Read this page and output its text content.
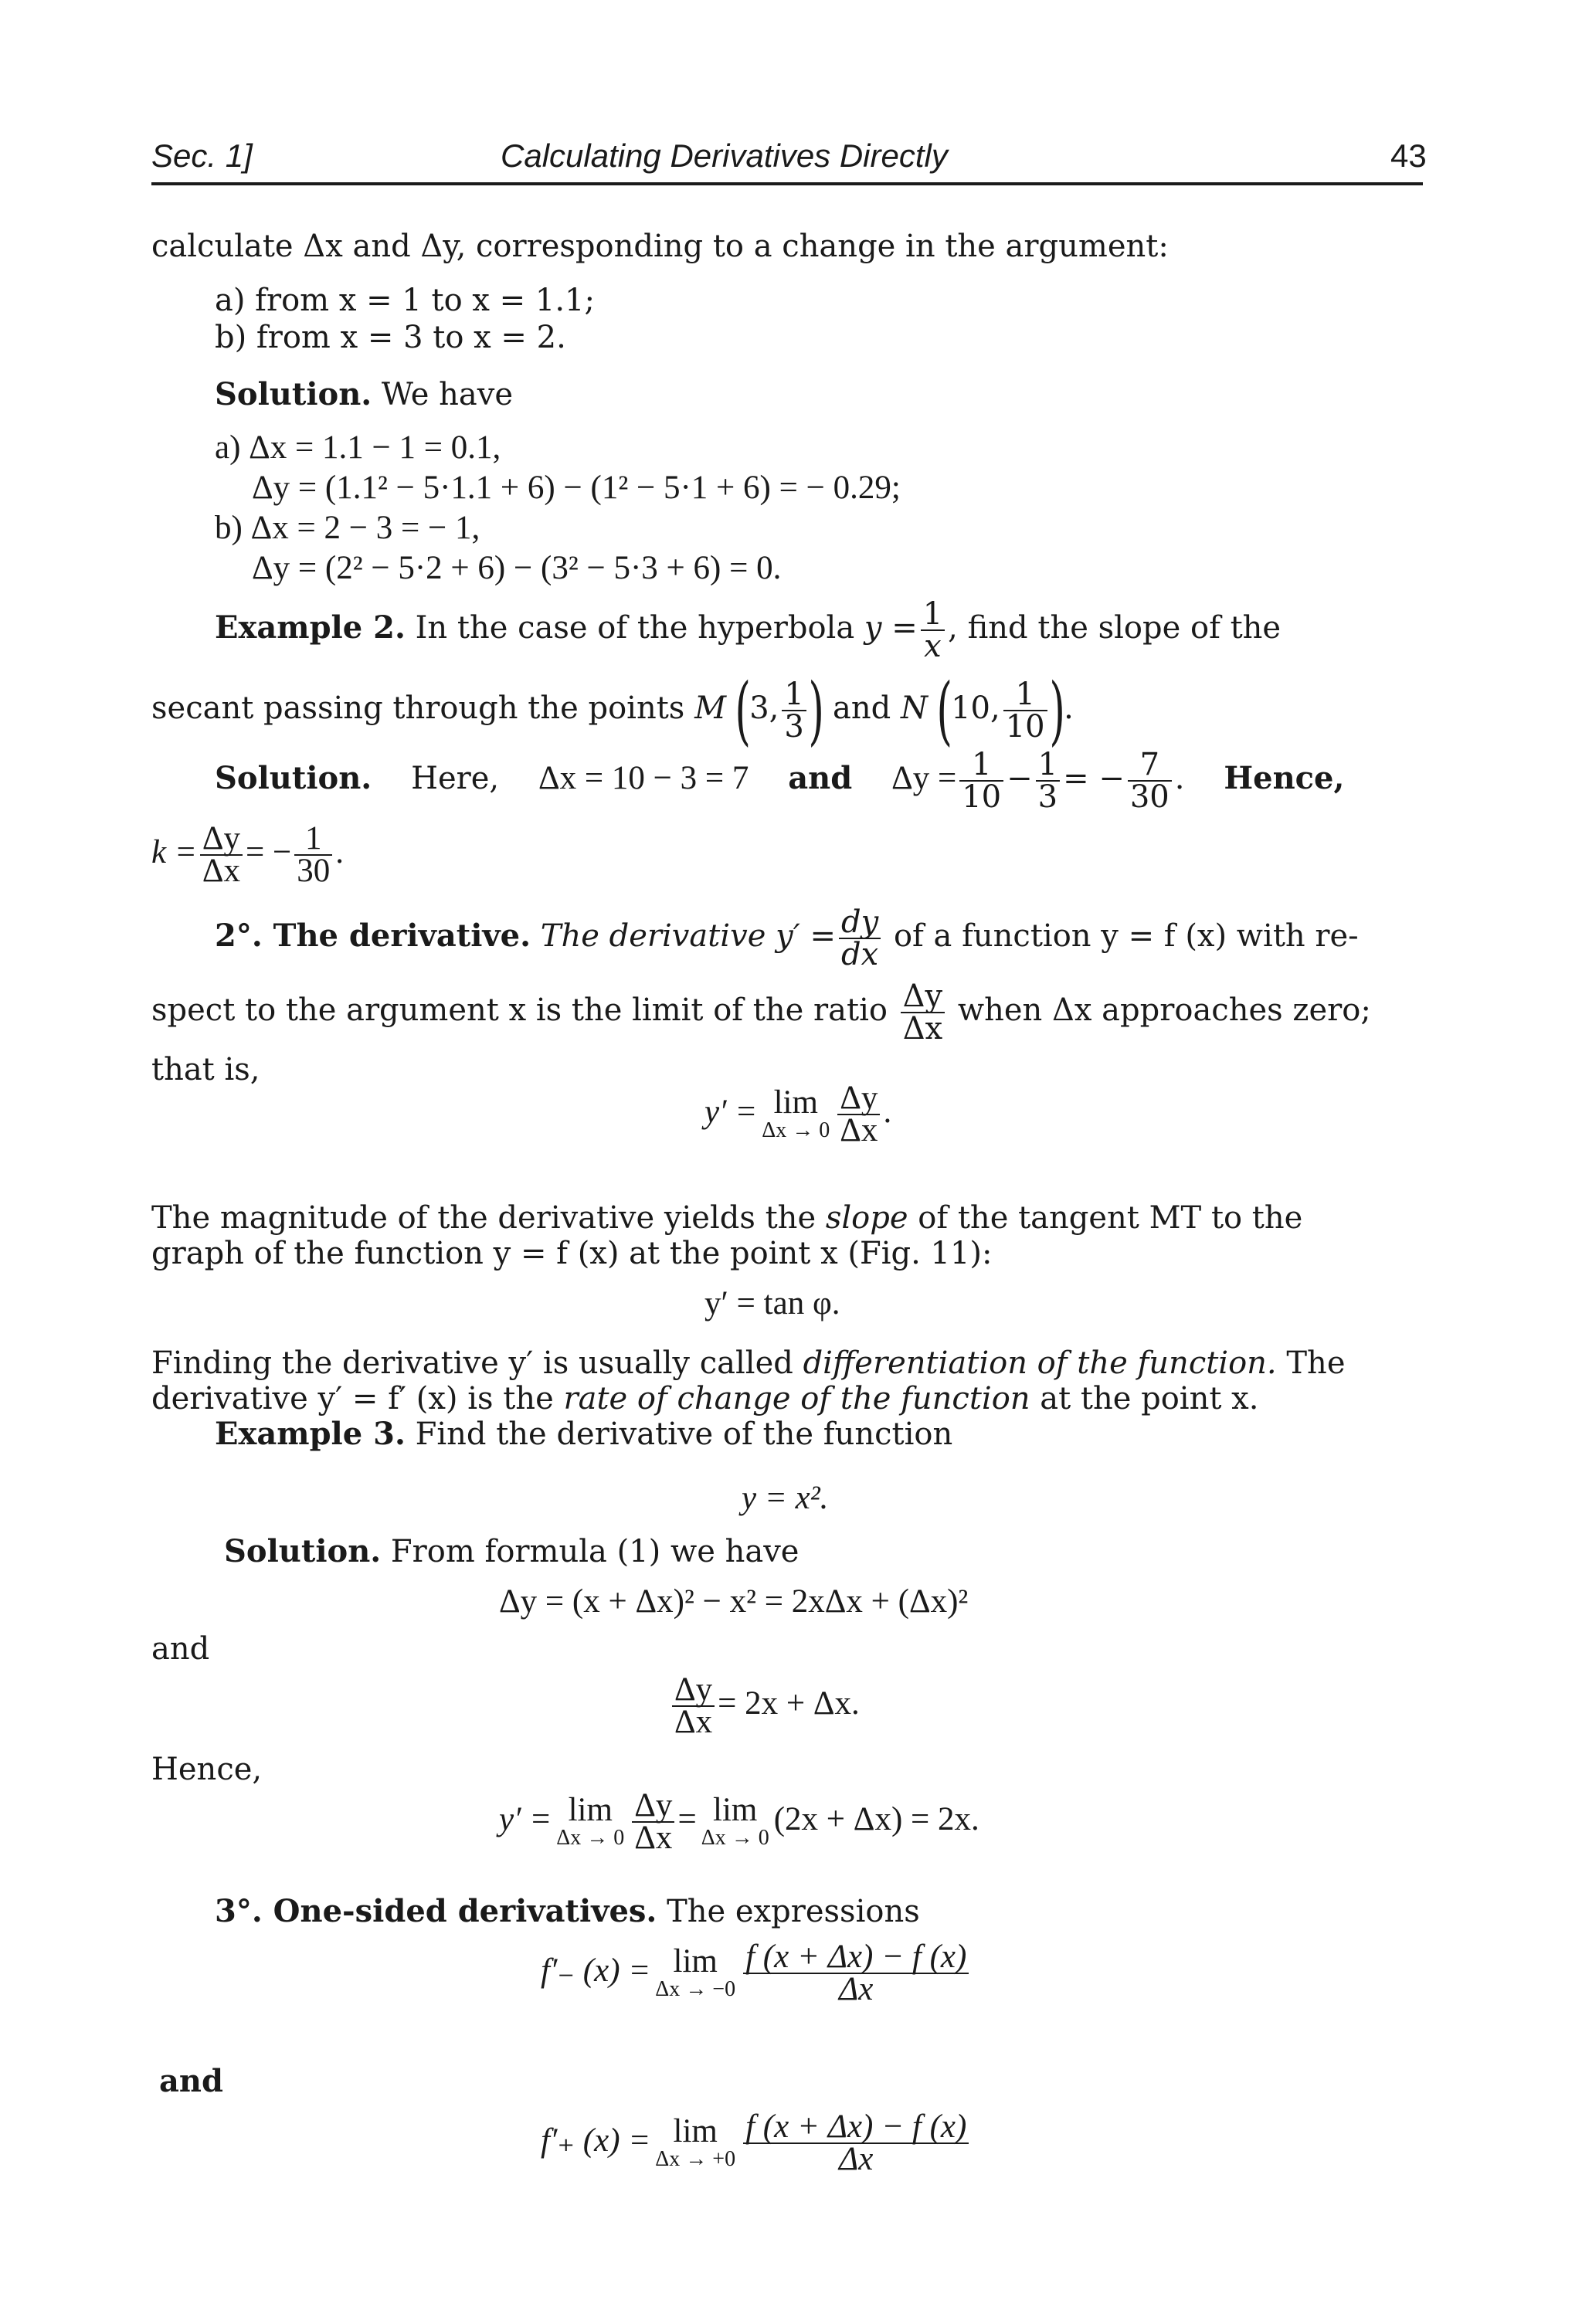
Sec. 1]	Calculating Derivatives Directly	43
calculate Δx and Δy, corresponding to a change in the argument:
a) from x = 1 to x = 1.1;
b) from x = 3 to x = 2.
Solution. We have
a) Δx = 1.1 − 1 = 0.1,
Δy = (1.1² − 5·1.1 + 6) − (1² − 5·1 + 6) = − 0.29;
b) Δx = 2 − 3 = − 1,
Δy = (2² − 5·2 + 6) − (3² − 5·3 + 6) = 0.
Example 2. In the case of the hyperbola $y = \frac{1}{x}$ , find the slope of the
secant passing through the points M (3, $\frac{1}{3}$ ) and N (10, $\frac{1}{10}$ ).
Solution. Here, Δx = 10 − 3 = 7 and $\Delta y = \frac{1}{10} - \frac{1}{3}$ = − $\frac{7}{30}$ .    Hence,
$k = \frac{\Delta y}{\Delta x}$ = − $\frac{1}{30}$ .
2°. The derivative. The derivative $y' = \frac{dy}{dx}$ of a function y = f (x) with re-
spect to the argument x is the limit of the ratio $\frac{\Delta y}{\Delta x}$ when Δx approaches zero;
that is,
y′ = lim
$\Delta x \to 0 \frac{\Delta y}{\Delta x}$ .
The magnitude of the derivative yields the slope of the tangent MT to the
graph of the function y = f (x) at the point x (Fig. 11):
y′ = tan φ.
Finding the derivative y′ is usually called differentiation of the function. The
derivative y′ = f′ (x) is the rate of change of the function at the point x.
Example 3. Find the derivative of the function
y = x².
Solution. From formula (1) we have
Δy = (x + Δx)² − x² = 2xΔx + (Δx)²
and
$\frac{\Delta y}{\Delta x} = 2x + \Delta x$.
Hence,
y′ = lim
$\Delta x \to 0 \frac{\Delta y}{\Delta x} = \lim$
Δx → 0
(2x + Δx) = 2x.
3°. One-sided derivatives. The expressions
f′₋ (x) = lim
$\Delta x \to -0 \frac{f (x + \Delta x) - f (x)}{\Delta x}$
and
f′₊ (x) = lim
$\Delta x \to +0 \frac{f (x + \Delta x) - f (x)}{\Delta x}$
